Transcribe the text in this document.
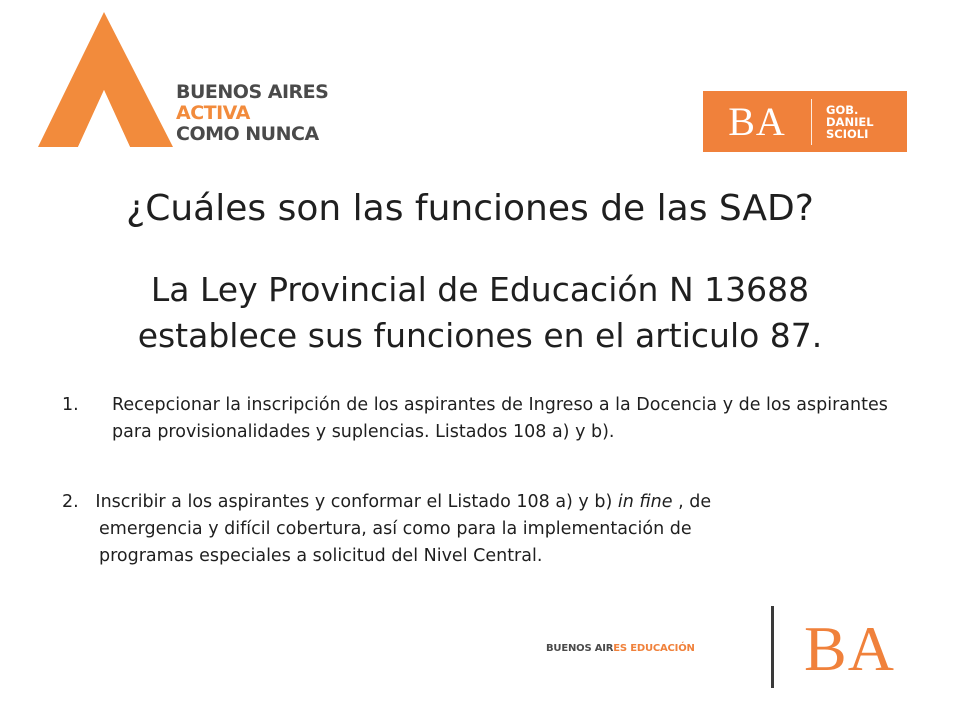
BUENOS AIRES
ACTIVA
COMO NUNCA	BA	GOB.
DANIEL
SCIOLI
¿Cuáles son las funciones de las SAD?
La Ley Provincial de Educación N 13688
establece sus funciones en el articulo 87.
1. Recepcionar la inscripción de los aspirantes de Ingreso a la Docencia y de los aspirantes para provisionalidades y suplencias. Listados 108 a) y b).
2. Inscribir a los aspirantes y conformar el Listado 108 a) y b) in fine , de
emergencia y difícil cobertura, así como para la implementación de
programas especiales a solicitud del Nivel Central.
BUENOS AIRES EDUCACIÓN BA
